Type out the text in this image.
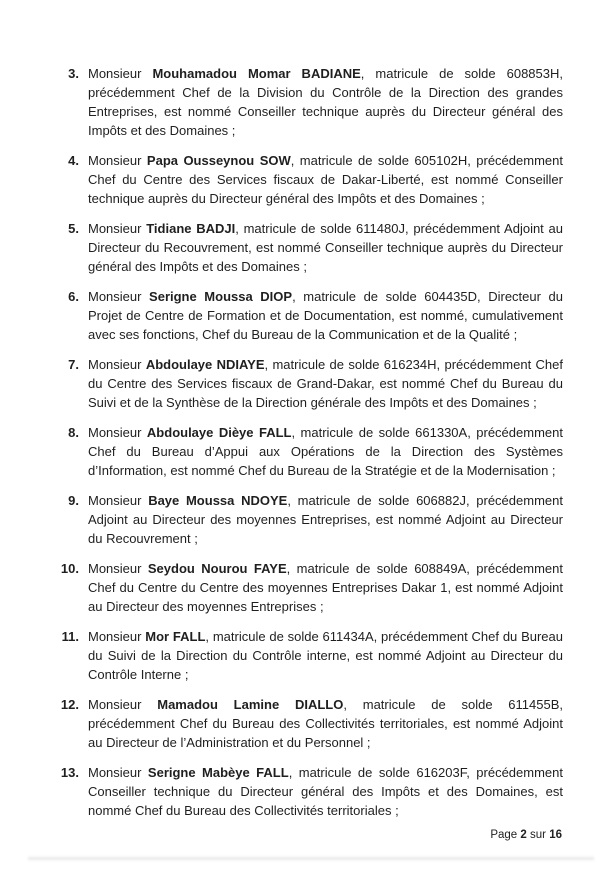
3. Monsieur Mouhamadou Momar BADIANE, matricule de solde 608853H, précédemment Chef de la Division du Contrôle de la Direction des grandes Entreprises, est nommé Conseiller technique auprès du Directeur général des Impôts et des Domaines ;

4. Monsieur Papa Ousseynou SOW, matricule de solde 605102H, précédemment Chef du Centre des Services fiscaux de Dakar-Liberté, est nommé Conseiller technique auprès du Directeur général des Impôts et des Domaines ;

5. Monsieur Tidiane BADJI, matricule de solde 611480J, précédemment Adjoint au Directeur du Recouvrement, est nommé Conseiller technique auprès du Directeur général des Impôts et des Domaines ;

6. Monsieur Serigne Moussa DIOP, matricule de solde 604435D, Directeur du Projet de Centre de Formation et de Documentation, est nommé, cumulativement avec ses fonctions, Chef du Bureau de la Communication et de la Qualité ;

7. Monsieur Abdoulaye NDIAYE, matricule de solde 616234H, précédemment Chef du Centre des Services fiscaux de Grand-Dakar, est nommé Chef du Bureau du Suivi et de la Synthèse de la Direction générale des Impôts et des Domaines ;

8. Monsieur Abdoulaye Dièye FALL, matricule de solde 661330A, précédemment Chef du Bureau d’Appui aux Opérations de la Direction des Systèmes d’Information, est nommé Chef du Bureau de la Stratégie et de la Modernisation ;

9. Monsieur Baye Moussa NDOYE, matricule de solde 606882J, précédemment Adjoint au Directeur des moyennes Entreprises, est nommé Adjoint au Directeur du Recouvrement ;

10. Monsieur Seydou Nourou FAYE, matricule de solde 608849A, précédemment Chef du Centre du Centre des moyennes Entreprises Dakar 1, est nommé Adjoint au Directeur des moyennes Entreprises ;

11. Monsieur Mor FALL, matricule de solde 611434A, précédemment Chef du Bureau du Suivi de la Direction du Contrôle interne, est nommé Adjoint au Directeur du Contrôle Interne ;

12. Monsieur Mamadou Lamine DIALLO, matricule de solde 611455B, précédemment Chef du Bureau des Collectivités territoriales, est nommé Adjoint au Directeur de l’Administration et du Personnel ;

13. Monsieur Serigne Mabèye FALL, matricule de solde 616203F, précédemment Conseiller technique du Directeur général des Impôts et des Domaines, est nommé Chef du Bureau des Collectivités territoriales ;

Page 2 sur 16
